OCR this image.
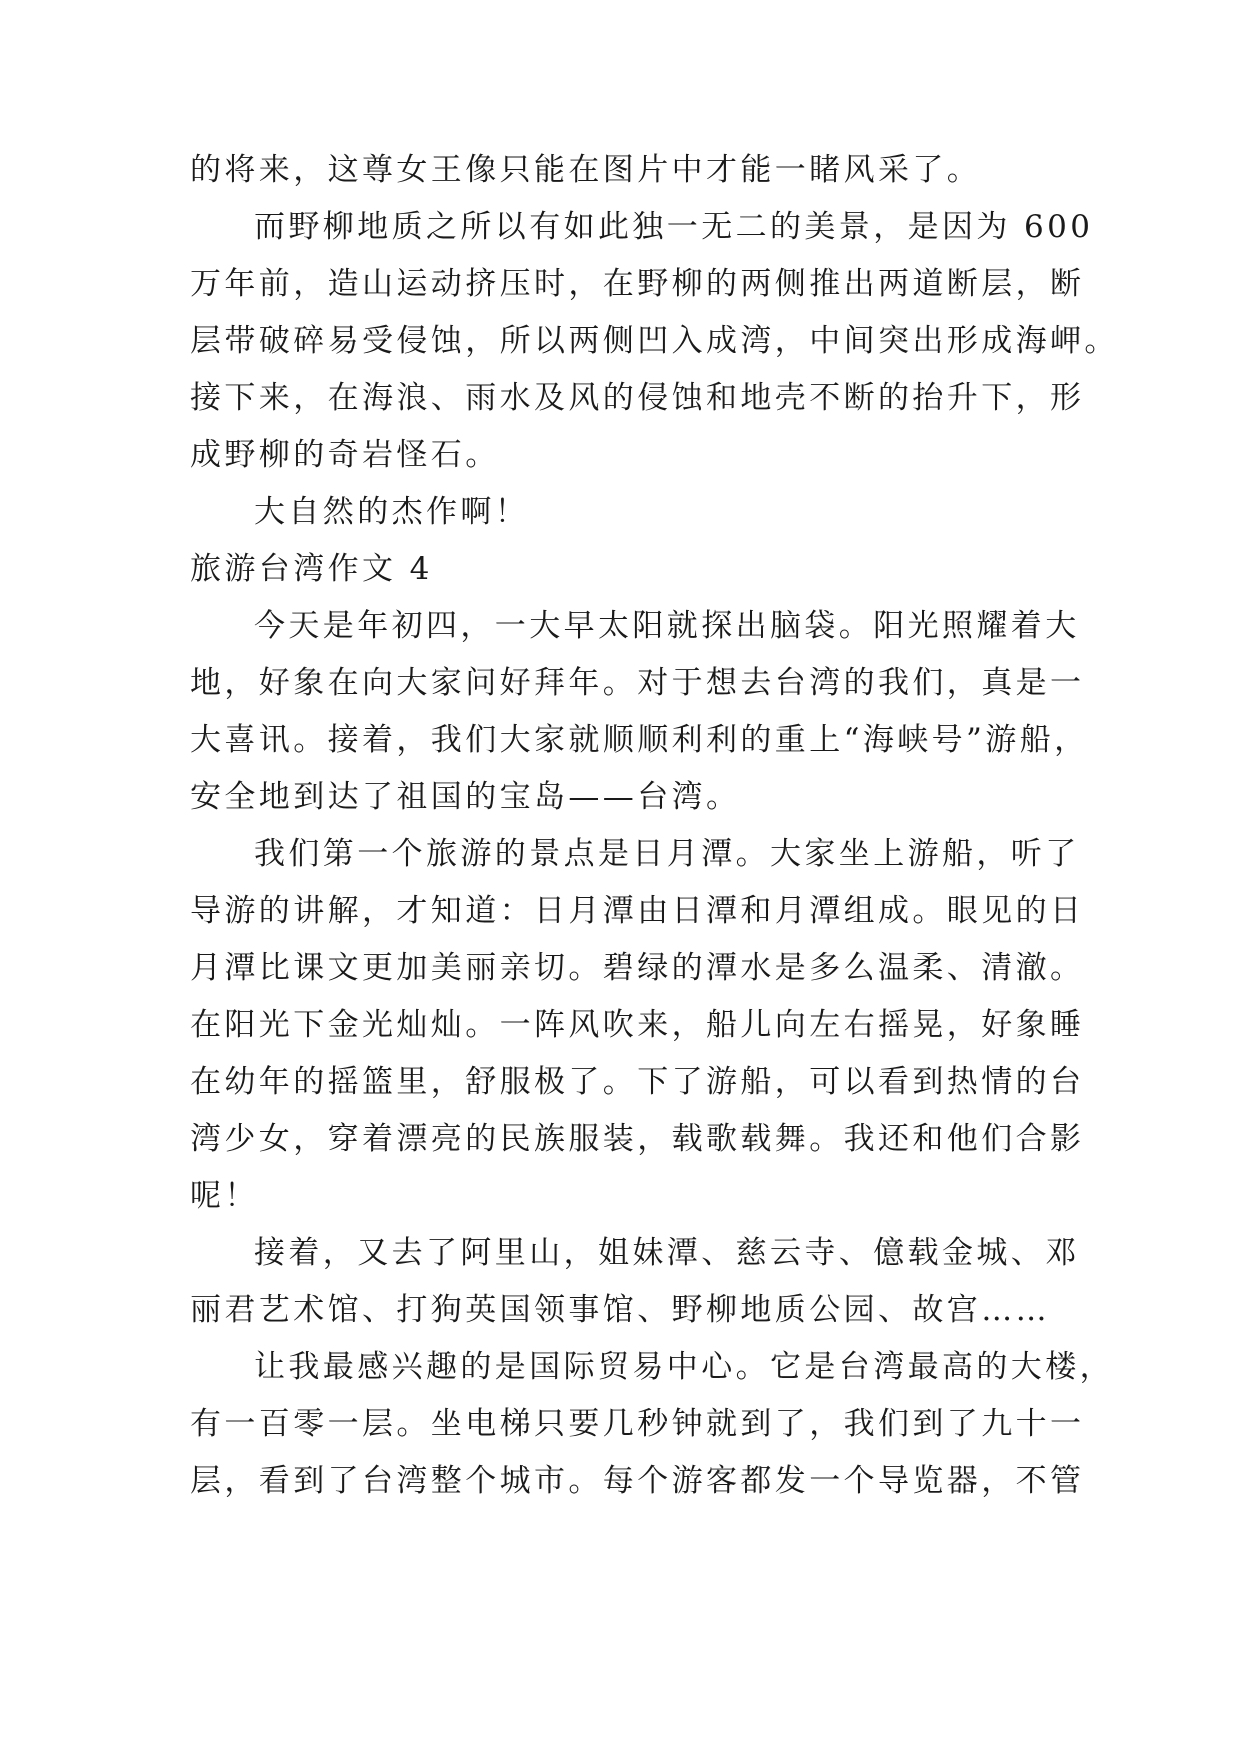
的将来，这尊女王像只能在图片中才能一睹风采了。
而野柳地质之所以有如此独一无二的美景，是因为 600
万年前，造山运动挤压时，在野柳的两侧推出两道断层，断
层带破碎易受侵蚀，所以两侧凹入成湾，中间突出形成海岬。
接下来，在海浪、雨水及风的侵蚀和地壳不断的抬升下，形
成野柳的奇岩怪石。
大自然的杰作啊！
旅游台湾作文 4
今天是年初四，一大早太阳就探出脑袋。阳光照耀着大
地，好象在向大家问好拜年。对于想去台湾的我们，真是一
大喜讯。接着，我们大家就顺顺利利的重上“海峡号”游船，
安全地到达了祖国的宝岛——台湾。
我们第一个旅游的景点是日月潭。大家坐上游船，听了
导游的讲解，才知道：日月潭由日潭和月潭组成。眼见的日
月潭比课文更加美丽亲切。碧绿的潭水是多么温柔、清澈。
在阳光下金光灿灿。一阵风吹来，船儿向左右摇晃，好象睡
在幼年的摇篮里，舒服极了。下了游船，可以看到热情的台
湾少女，穿着漂亮的民族服装，载歌载舞。我还和他们合影
呢！
接着，又去了阿里山，姐妹潭、慈云寺、億载金城、邓
丽君艺术馆、打狗英国领事馆、野柳地质公园、故宫……
让我最感兴趣的是国际贸易中心。它是台湾最高的大楼，
有一百零一层。坐电梯只要几秒钟就到了，我们到了九十一
层，看到了台湾整个城市。每个游客都发一个导览器，不管
